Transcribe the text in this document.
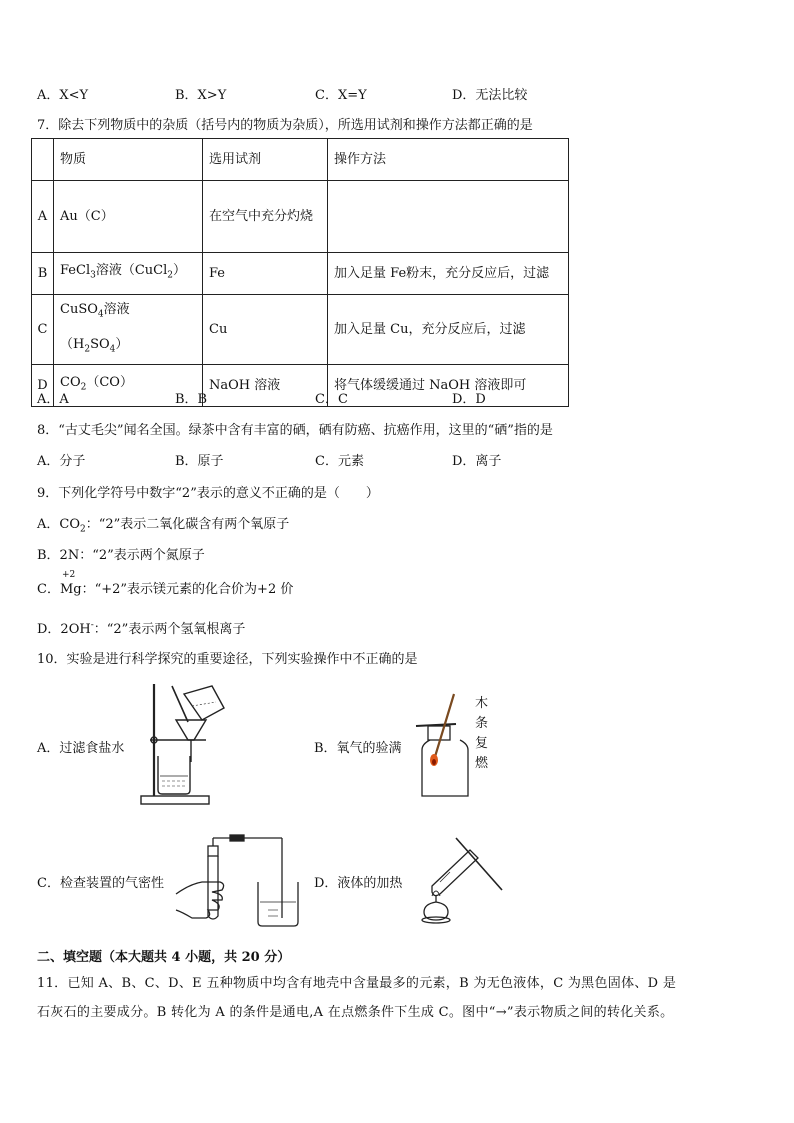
A．X<Y	B．X>Y	C．X=Y	D．无法比较
7．除去下列物质中的杂质（括号内的物质为杂质），所选用试剂和操作方法都正确的是
	物质	选用试剂	操作方法
A	Au（C）	在空气中充分灼烧	

B	FeCl$_3$溶液（CuCl$_2$）	Fe	加入足量 Fe粉末，充分反应后，过滤
C	CuSO$_4$溶液$(H_2SO_4)$	Cu	加入足量 Cu，充分反应后，过滤
D	$CO_2(CO)$	NaOH 溶液	将气体缓缓通过 NaOH 溶液即可
A．A	B．B	C．C	D．D
8．“古丈毛尖”闻名全国。绿茶中含有丰富的硒，硒有防癌、抗癌作用，这里的“硒”指的是
A．分子	B．原子	C．元素	D．离子
9．下列化学符号中数字“2”表示的意义不正确的是（　　）
A．$CO_2$：“2”表示二氧化碳含有两个氧原子
B．2N：“2”表示两个氮原子
C．
+2
Mg：“+2”表示镁元素的化合价为+2 价
D．2OH-：“2”表示两个氢氧根离子
10．实验是进行科学探究的重要途径，下列实验操作中不正确的是
A．过滤食盐水	B．氧气的验满
C．检查装置的气密性	D．液体的加热
木
条
复
燃
二、填空题（本大题共 4 小题，共 20 分）
11．已知 A、B、C、D、E 五种物质中均含有地壳中含量最多的元素，B 为无色液体，C 为黑色固体、D 是
石灰石的主要成分。B 转化为 A 的条件是通电,A 在点燃条件下生成 C。图中“→”表示物质之间的转化关系。
